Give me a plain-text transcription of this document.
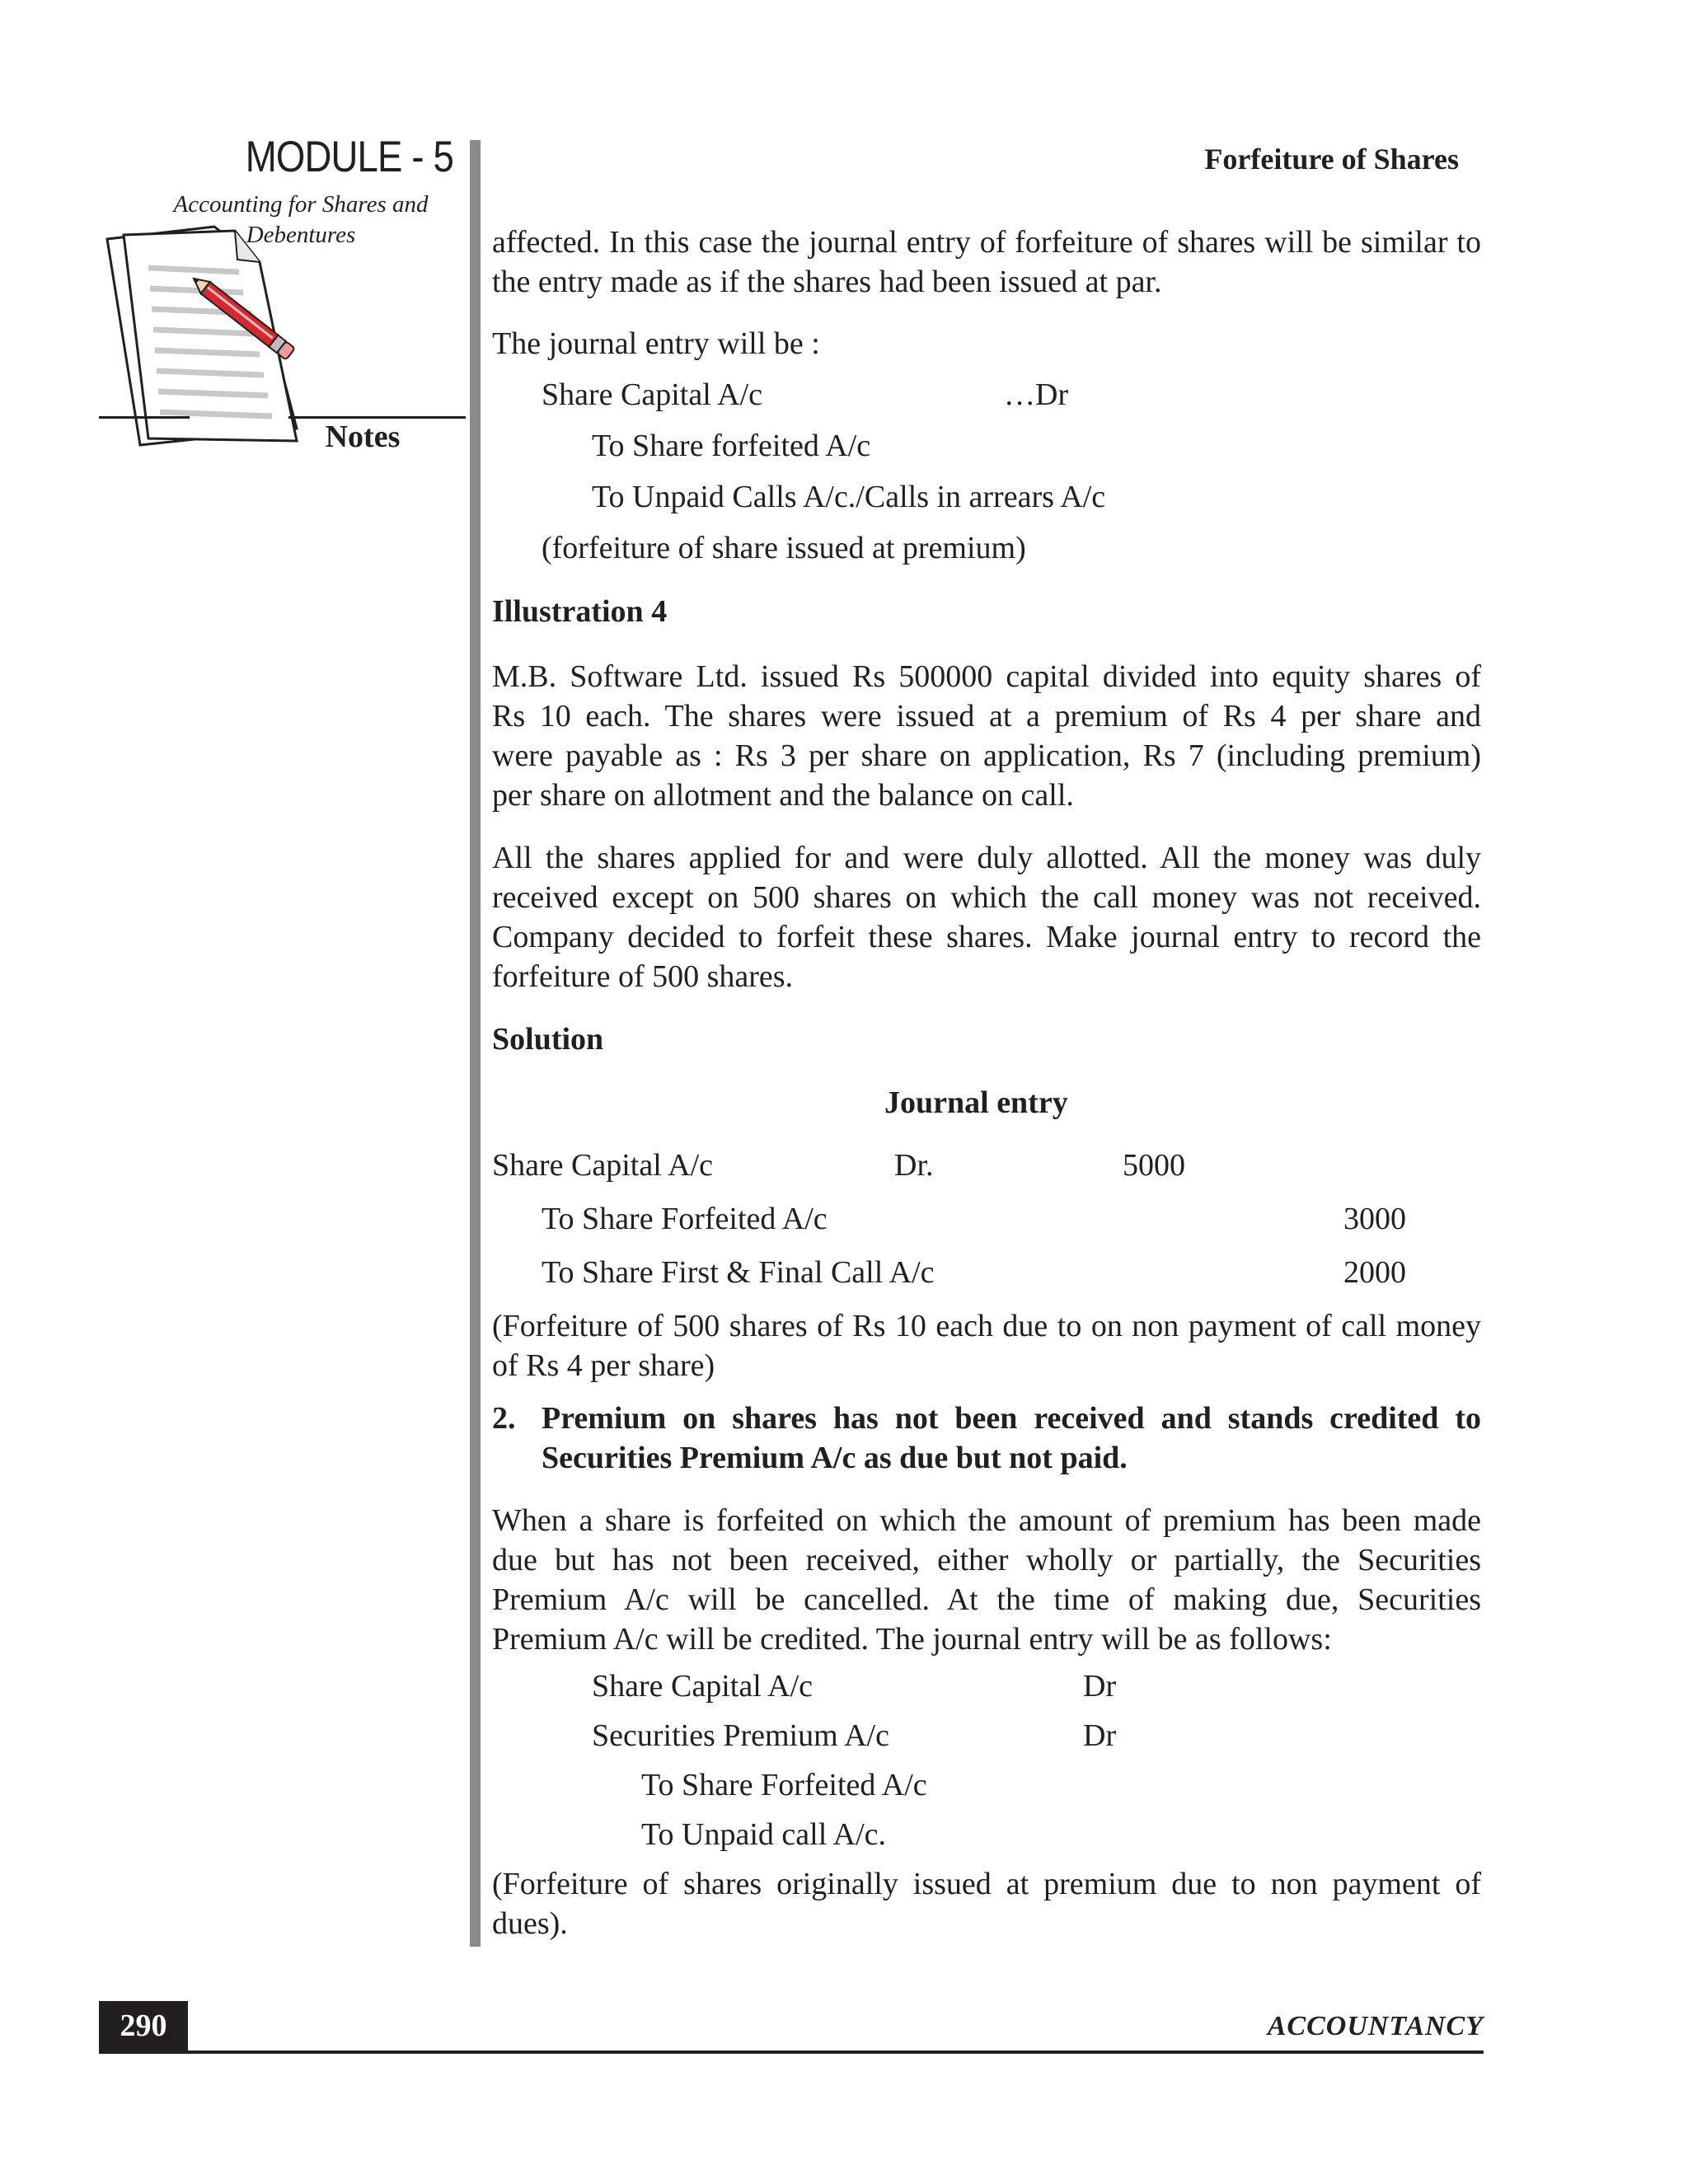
MODULE - 5
Accounting for Shares and
Debentures
Notes
Forfeiture of Shares
affected. In this case the journal entry of forfeiture of shares will be similar to
the entry made as if the shares had been issued at par.
The journal entry will be :
Share Capital A/c	…Dr
To Share forfeited A/c
To Unpaid Calls A/c./Calls in arrears A/c
(forfeiture of share issued at premium)
Illustration 4
M.B. Software Ltd. issued Rs 500000 capital divided into equity shares of
Rs 10 each. The shares were issued at a premium of Rs 4 per share and
were payable as : Rs 3 per share on application, Rs 7 (including premium)
per share on allotment and the balance on call.
All the shares applied for and were duly allotted. All the money was duly
received except on 500 shares on which the call money was not received.
Company decided to forfeit these shares. Make journal entry to record the
forfeiture of 500 shares.
Solution
Journal entry
Share Capital A/c	Dr.	5000
To Share Forfeited A/c	3000
To Share First & Final Call A/c	2000
(Forfeiture of 500 shares of Rs 10 each due to on non payment of call money
of Rs 4 per share)
2. Premium on shares has not been received and stands credited to
Securities Premium A/c as due but not paid.
When a share is forfeited on which the amount of premium has been made
due but has not been received, either wholly or partially, the Securities
Premium A/c will be cancelled. At the time of making due, Securities
Premium A/c will be credited. The journal entry will be as follows:
Share Capital A/c	Dr
Securities Premium A/c	Dr
To Share Forfeited A/c
To Unpaid call A/c.
(Forfeiture of shares originally issued at premium due to non payment of
dues).
290	ACCOUNTANCY
